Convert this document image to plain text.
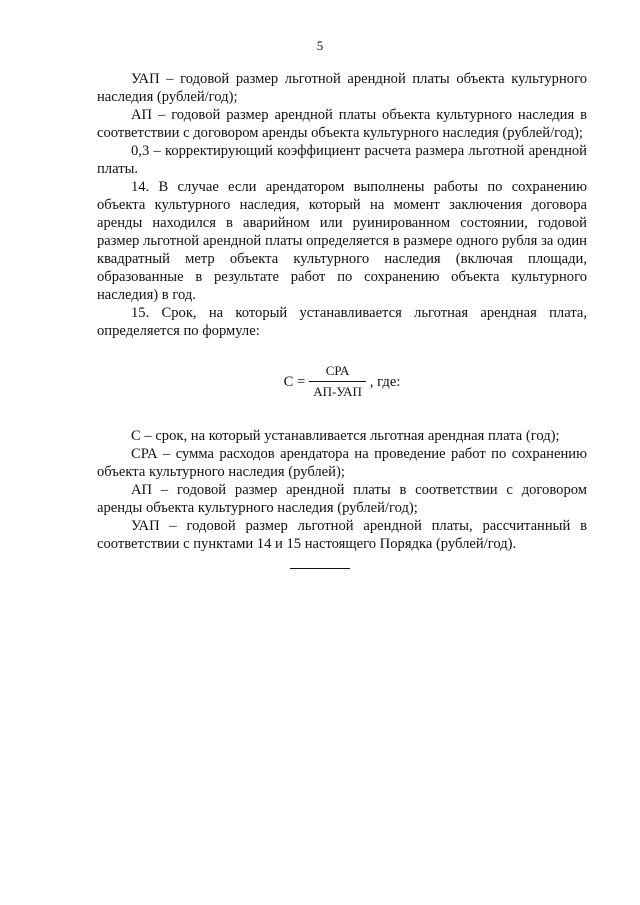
5

УАП – годовой размер льготной арендной платы объекта культурного наследия (рублей/год);

АП – годовой размер арендной платы объекта культурного наследия в соответствии с договором аренды объекта культурного наследия (рублей/год);

0,3 – корректирующий коэффициент расчета размера льготной арендной платы.

14. В случае если арендатором выполнены работы по сохранению объекта культурного наследия, который на момент заключения договора аренды находился в аварийном или руинированном состоянии, годовой размер льготной арендной платы определяется в размере одного рубля за один квадратный метр объекта культурного наследия (включая площади, образованные в результате работ по сохранению объекта культурного наследия) в год.

15. Срок, на который устанавливается льготная арендная плата, определяется по формуле:

$С = \frac{\text{СРА}}{\text{АП-УАП}}$ , где:

С – срок, на который устанавливается льготная арендная плата (год);

СРА – сумма расходов арендатора на проведение работ по сохранению объекта культурного наследия (рублей);

АП – годовой размер арендной платы в соответствии с договором аренды объекта культурного наследия (рублей/год);

УАП – годовой размер льготной арендной платы, рассчитанный в соответствии с пунктами 14 и 15 настоящего Порядка (рублей/год).
